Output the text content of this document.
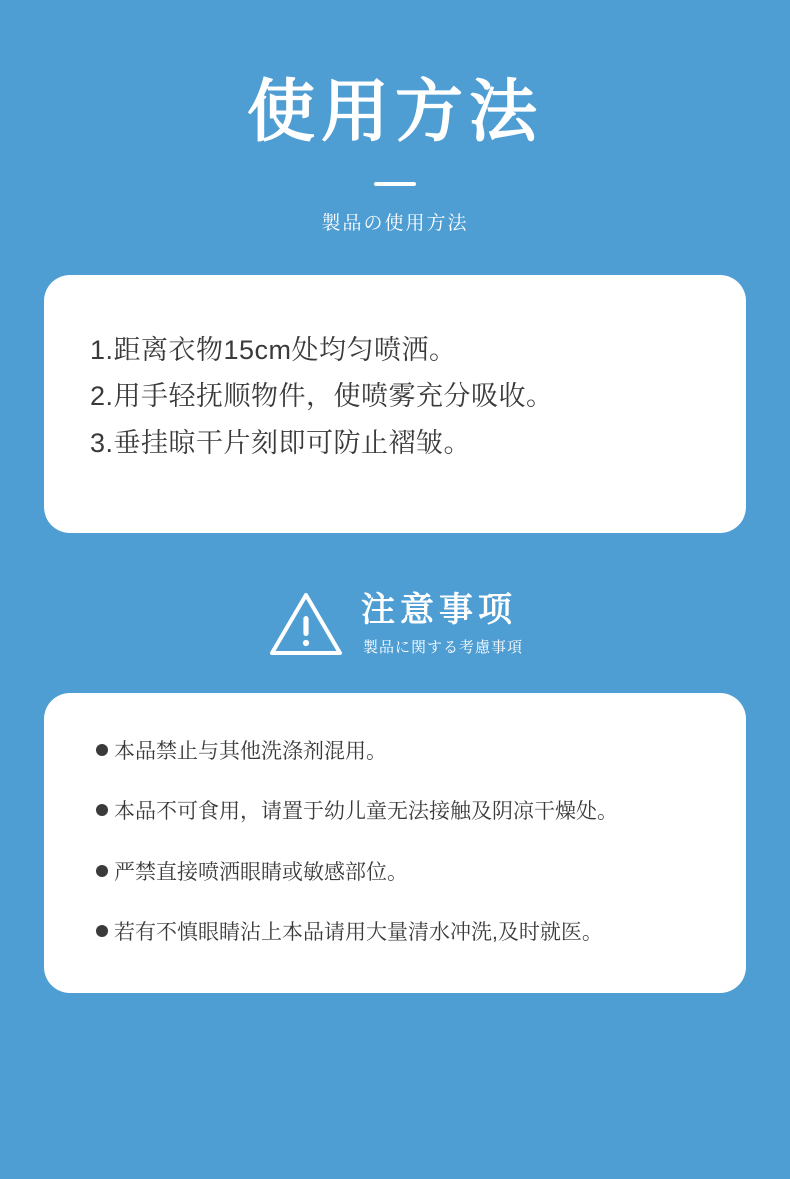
使用方法

製品の使用方法

1.距离衣物15cm处均匀喷洒。
2.用手轻抚顺物件，使喷雾充分吸收。
3.垂挂晾干片刻即可防止褶皱。

注意事项

製品に関する考慮事項

本品禁止与其他洗涤剂混用。
本品不可食用，请置于幼儿童无法接触及阴凉干燥处。
严禁直接喷洒眼睛或敏感部位。
若有不慎眼睛沾上本品请用大量清水冲洗,及时就医。
